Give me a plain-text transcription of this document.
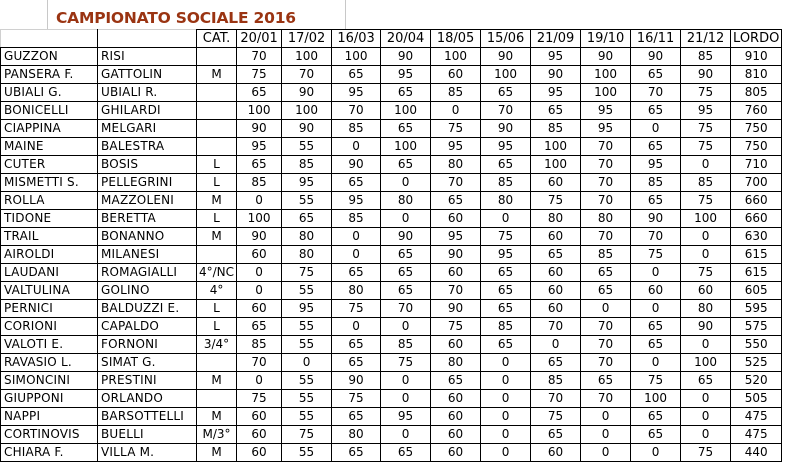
CAMPIONATO SOCIALE 2016
		CAT.	20/01	17/02	16/03	20/04	18/05	15/06	21/09	19/10	16/11	21/12	LORDO
GUZZON	RISI		70	100	100	90	100	90	95	90	90	85	910
PANSERA F.	GATTOLIN	M	75	70	65	95	60	100	90	100	65	90	810
UBIALI G.	UBIALI R.		65	90	95	65	85	65	95	100	70	75	805
BONICELLI	GHILARDI		100	100	70	100	0	70	65	95	65	95	760
CIAPPINA	MELGARI		90	90	85	65	75	90	85	95	0	75	750
MAINE	BALESTRA		95	55	0	100	95	95	100	70	65	75	750
CUTER	BOSIS	L	65	85	90	65	80	65	100	70	95	0	710
MISMETTI S.	PELLEGRINI	L	85	95	65	0	70	85	60	70	85	85	700
ROLLA	MAZZOLENI	M	0	55	95	80	65	80	75	70	65	75	660
TIDONE	BERETTA	L	100	65	85	0	60	0	80	80	90	100	660
TRAIL	BONANNO	M	90	80	0	90	95	75	60	70	70	0	630
AIROLDI	MILANESI		60	80	0	65	90	95	65	85	75	0	615
LAUDANI	ROMAGIALLI	4°/NC	0	75	65	65	60	65	60	65	0	75	615
VALTULINA	GOLINO	4°	0	55	80	65	70	65	60	65	60	60	605
PERNICI	BALDUZZI E.	L	60	95	75	70	90	65	60	0	0	80	595
CORIONI	CAPALDO	L	65	55	0	0	75	85	70	70	65	90	575
VALOTI E.	FORNONI	3/4°	85	55	65	85	60	65	0	70	65	0	550
RAVASIO L.	SIMAT G.		70	0	65	75	80	0	65	70	0	100	525
SIMONCINI	PRESTINI	M	0	55	90	0	65	0	85	65	75	65	520
GIUPPONI	ORLANDO		75	55	75	0	60	0	70	70	100	0	505
NAPPI	BARSOTTELLI	M	60	55	65	95	60	0	75	0	65	0	475
CORTINOVIS	BUELLI	M/3°	60	75	80	0	60	0	65	0	65	0	475
CHIARA F.	VILLA M.	M	60	55	65	65	60	0	60	0	0	75	440
